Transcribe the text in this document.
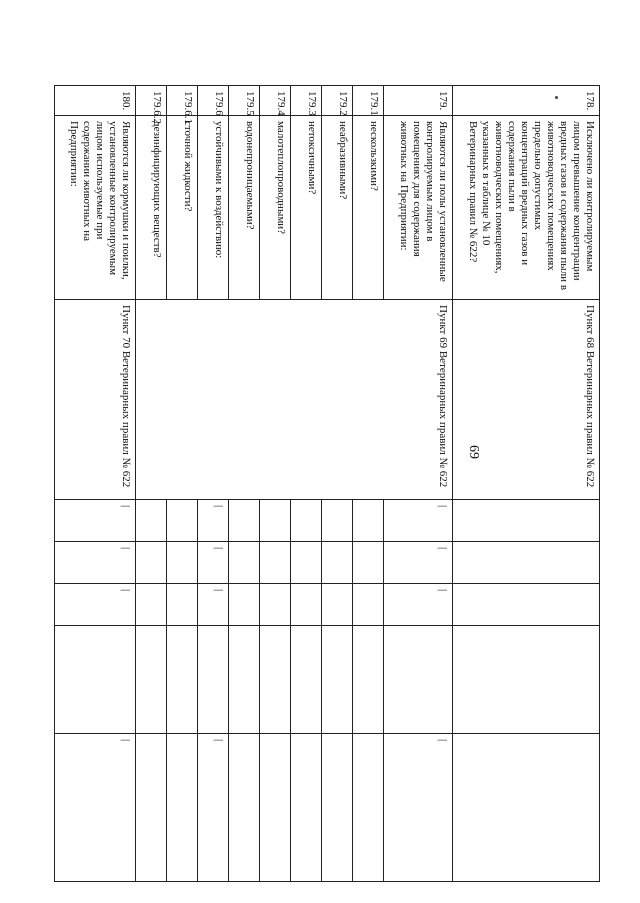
69
178.	Исключено ли контролируемым лицом превышение концентрации вредных газов и содержания пыли в животноводческих помещениях предельно допустимых концентраций вредных газов и содержания пыли в животноводческих помещениях, указанных в таблице № 10 Ветеринарных правил № 622?	Пункт 68 Ветеринарных правил № 622					
179.	Являются ли полы установленные контролируемым лицом в помещениях для содержания животных на Предприятии:	Пункт 69 Ветеринарных правил № 622	|	|	|		|
179.1	нескользкими?						
179.2	неабразивными?						
179.3	нетоксичными?						
179.4	малотеплопроводными?						
179.5	водонепроницаемыми?						
179.6	устойчивыми к воздействию:		|	|	|		|
179.6.1	сточной жидкости?						
179.6.2	дезинфицирующих веществ?						
180.	Являются ли кормушки и поилки, установленные контролируемым лицом используемые при содержании животных на Предприятии:	Пункт 70 Ветеринарных правил № 622	|	|	|		|
